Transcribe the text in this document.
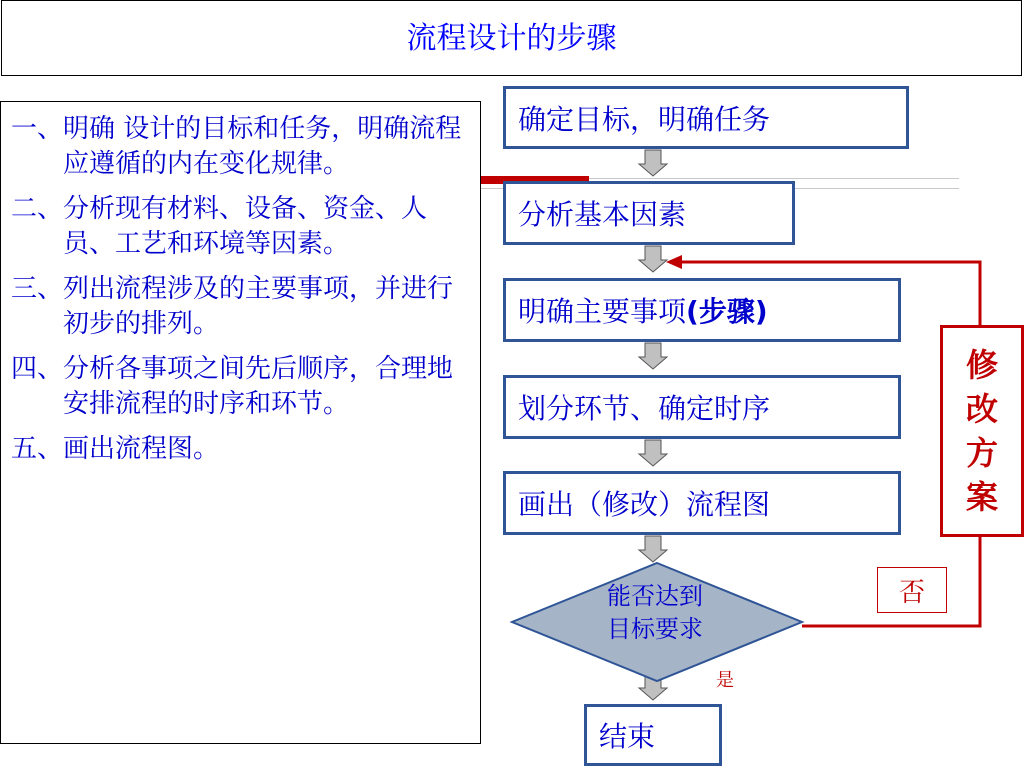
流程设计的步骤

一、明确 设计的目标和任务，明确流程应遵循的内在变化规律。

二、分析现有材料、设备、资金、人员、工艺和环境等因素。

三、列出流程涉及的主要事项，并进行初步的排列。

四、分析各事项之间先后顺序，合理地安排流程的时序和环节。

五、画出流程图。

确定目标，明确任务
分析基本因素
明确主要事项 (步骤)
划分环节、确定时序
画出（修改）流程图
能否达到
目标要求
修
改
方
案
否
是
结束
